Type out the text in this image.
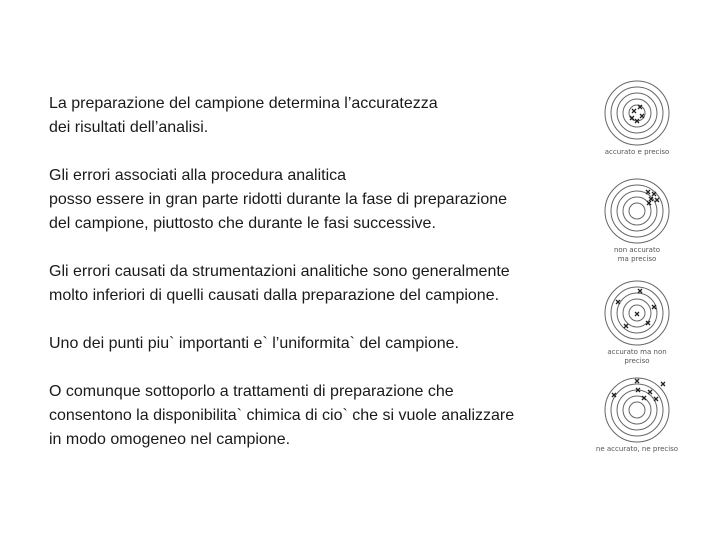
La preparazione del campione determina l’accuratezza
dei risultati dell’analisi.

Gli errori associati alla procedura analitica
posso essere in gran parte ridotti durante la fase di preparazione
del campione, piuttosto che durante le fasi successive.

Gli errori causati da strumentazioni analitiche sono generalmente
molto inferiori di quelli causati dalla preparazione del campione.

Uno dei punti piu` importanti e` l’uniformita` del campione.

O comunque sottoporlo a trattamenti di preparazione che
consentono la disponibilita` chimica di cio` che si vuole analizzare
in modo omogeneo nel campione.

accurato e preciso
non accurato
ma preciso
accurato ma non preciso
ne accurato, ne preciso
